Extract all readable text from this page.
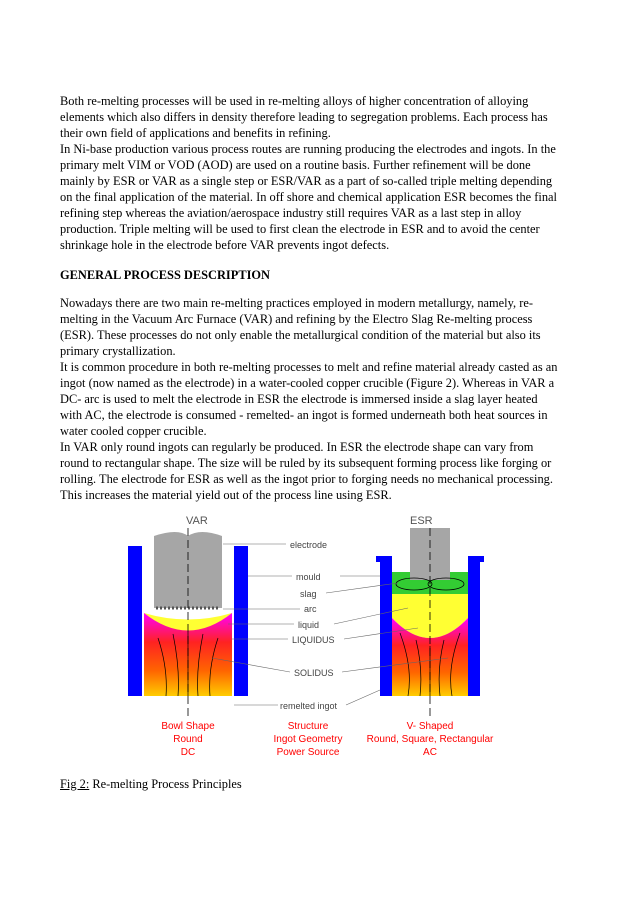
Both re-melting processes will be used in re-melting alloys of higher concentration of alloying
elements which also differs in density therefore leading to segregation problems. Each process has
their own field of applications and benefits in refining.
In Ni-base production various process routes are running producing the electrodes and ingots. In the
primary melt VIM or VOD (AOD) are used on a routine basis. Further refinement will be done
mainly by ESR or VAR as a single step or ESR/VAR as a part of so-called triple melting depending
on the final application of the material. In off shore and chemical application ESR becomes the final
refining step whereas the aviation/aerospace industry still requires VAR as a last step in alloy
production. Triple melting will be used to first clean the electrode in ESR and to avoid the center
shrinkage hole in the electrode before VAR prevents ingot defects.
GENERAL PROCESS DESCRIPTION
Nowadays there are two main re-melting practices employed in modern metallurgy, namely, re-
melting in the Vacuum Arc Furnace (VAR) and refining by the Electro Slag Re-melting process
(ESR). These processes do not only enable the metallurgical condition of the material but also its
primary crystallization.
It is common procedure in both re-melting processes to melt and refine material already casted as an
ingot (now named as the electrode) in a water-cooled copper crucible (Figure 2). Whereas in VAR a
DC- arc is used to melt the electrode in ESR the electrode is immersed inside a slag layer heated
with AC, the electrode is consumed - remelted- an ingot is formed underneath both heat sources in
water cooled copper crucible.
In VAR only round ingots can regularly be produced. In ESR the electrode shape can vary from
round to rectangular shape. The size will be ruled by its subsequent forming process like forging or
rolling. The electrode for ESR as well as the ingot prior to forging needs no mechanical processing.
This increases the material yield out of the process line using ESR.
VAR	ESR
electrode
mould
slag
arc
liquid
LIQUIDUS
SOLIDUS
remelted ingot
Bowl Shape
Round
DC
Structure
Ingot Geometry
Power Source
V- Shaped
Round, Square, Rectangular
AC
Fig 2: Re-melting Process Principles
